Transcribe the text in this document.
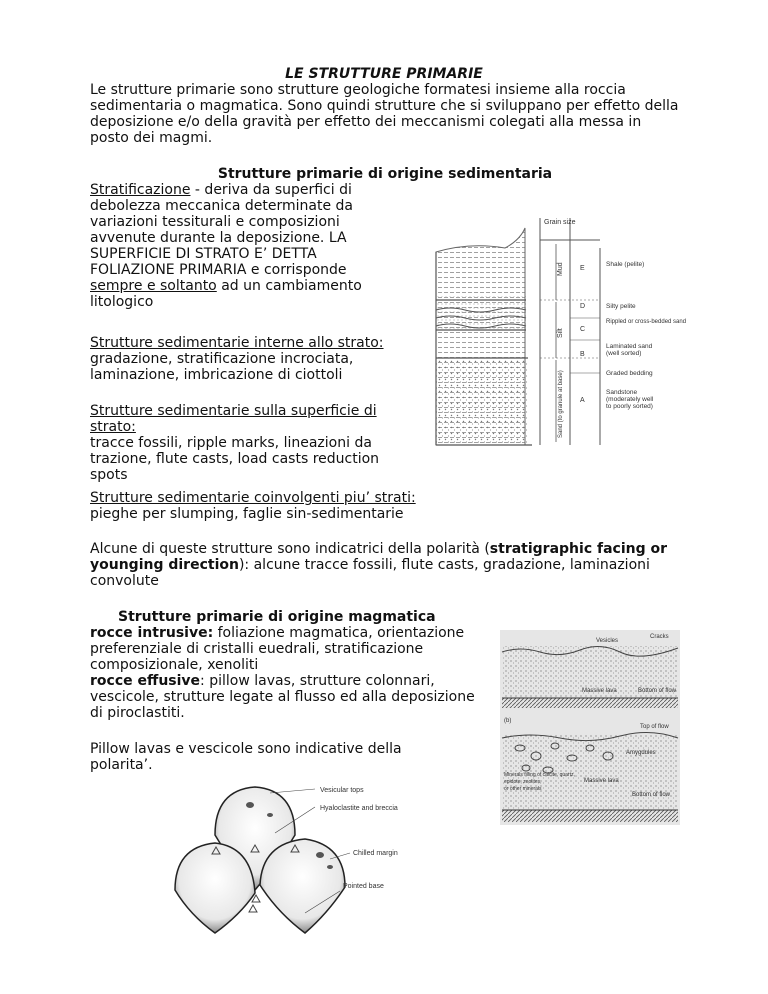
LE STRUTTURE PRIMARIE

Le strutture primarie sono strutture geologiche formatesi insieme alla roccia sedimentaria o magmatica. Sono quindi strutture che si sviluppano per effetto della deposizione e/o della gravità per effetto dei meccanismi colegati alla messa in posto dei magmi.

Strutture primarie di origine sedimentaria

Stratificazione - deriva da superfici di debolezza meccanica determinate da variazioni tessiturali e composizioni avvenute durante la deposizione. LA SUPERFICIE DI STRATO E’ DETTA FOLIAZIONE PRIMARIA e corrisponde sempre e soltanto ad un cambiamento litologico

Strutture sedimentarie interne allo strato:
gradazione, stratificazione incrociata, laminazione, imbricazione di ciottoli

Strutture sedimentarie sulla superficie di strato:
tracce fossili, ripple marks, lineazioni da trazione, flute casts, load casts reduction spots

Strutture sedimentarie coinvolgenti piu’ strati:
pieghe per slumping, faglie sin-sedimentarie

Alcune di queste strutture sono indicatrici della polarità (stratigraphic facing or younging direction): alcune tracce fossili, flute casts, gradazione, laminazioni convolute

Strutture primarie di origine magmatica

rocce intrusive: foliazione magmatica, orientazione preferenziale di cristalli euedrali, stratificazione composizionale, xenoliti

rocce effusive: pillow lavas, strutture colonnari, vescicole, strutture legate al flusso ed alla deposizione di piroclastiti.

Pillow lavas e vescicole sono indicative della polarita’.

Grain size
Mud
Silt
Sand (to granule at base)
E
D
C
B
A
Shale (pelite)
Silty pelite
Rippled or cross-bedded sand
Laminated sand
(well sorted)
Graded bedding
Sandstone
(moderately well
to poorly sorted)
Vesicles
Cracks
Massive lava	Bottom of flow
(b)
Top of flow
Amygdules
Minerals filling of calcite, quartz,
epidote, zeolites,
or other minerals
Massive lava
Bottom of flow
Vesicular tops
Hyaloclastite and breccia
Chilled margin
Pointed base
